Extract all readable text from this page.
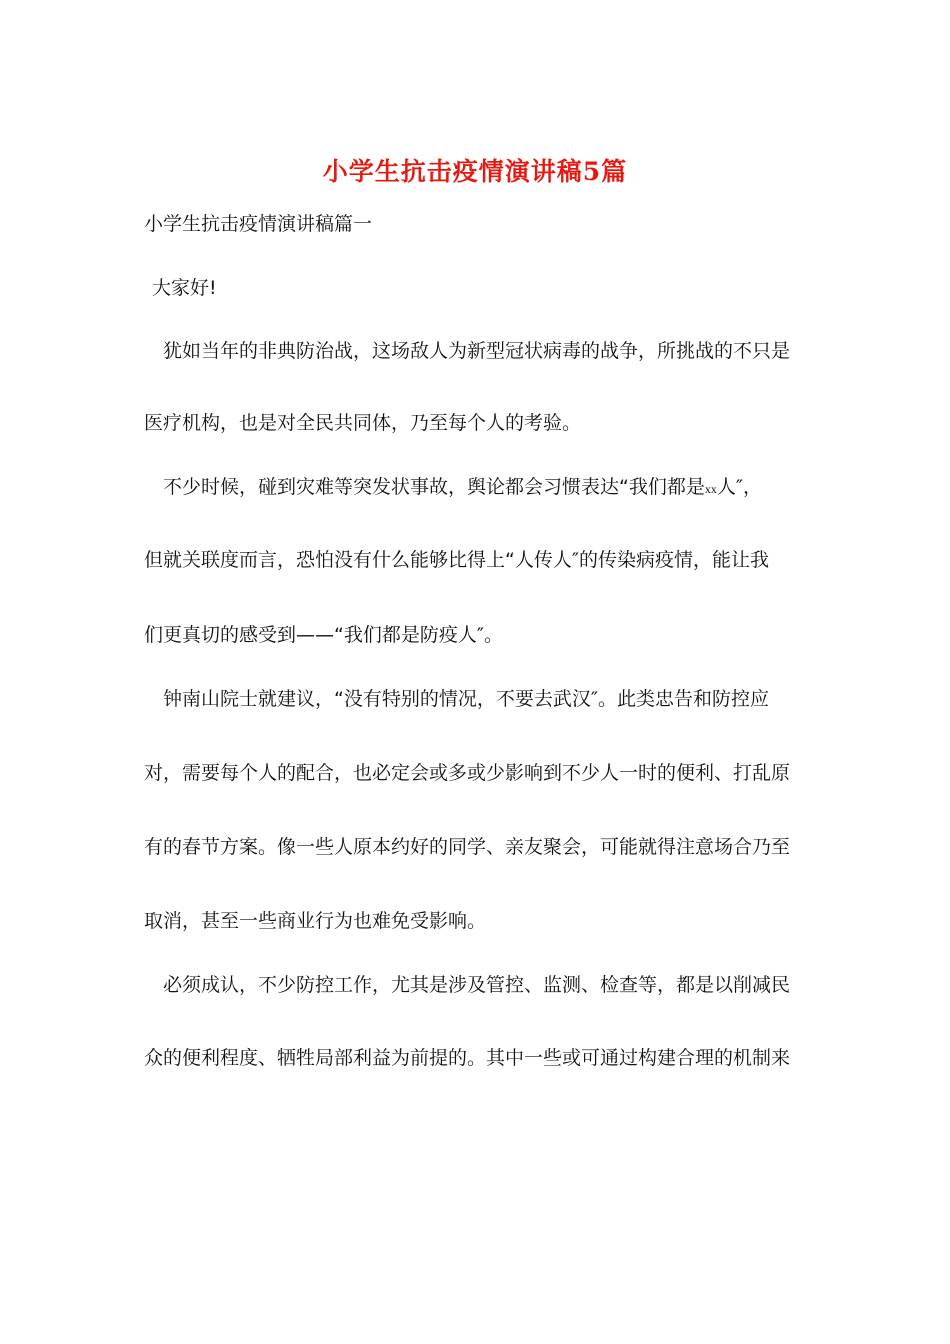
小学生抗击疫情演讲稿5篇
小学生抗击疫情演讲稿篇一
大家好!
犹如当年的非典防治战，这场敌人为新型冠状病毒的战争，所挑战的不只是
医疗机构，也是对全民共同体，乃至每个人的考验。
不少时候，碰到灾难等突发状事故，舆论都会习惯表达“我们都是xx人″，
但就关联度而言，恐怕没有什么能够比得上“人传人″的传染病疫情，能让我
们更真切的感受到——“我们都是防疫人″。
钟南山院士就建议，“没有特别的情况，不要去武汉″。此类忠告和防控应
对，需要每个人的配合，也必定会或多或少影响到不少人一时的便利、打乱原
有的春节方案。像一些人原本约好的同学、亲友聚会，可能就得注意场合乃至
取消，甚至一些商业行为也难免受影响。
必须成认，不少防控工作，尤其是涉及管控、监测、检查等，都是以削减民
众的便利程度、牺牲局部利益为前提的。其中一些或可通过构建合理的机制来
